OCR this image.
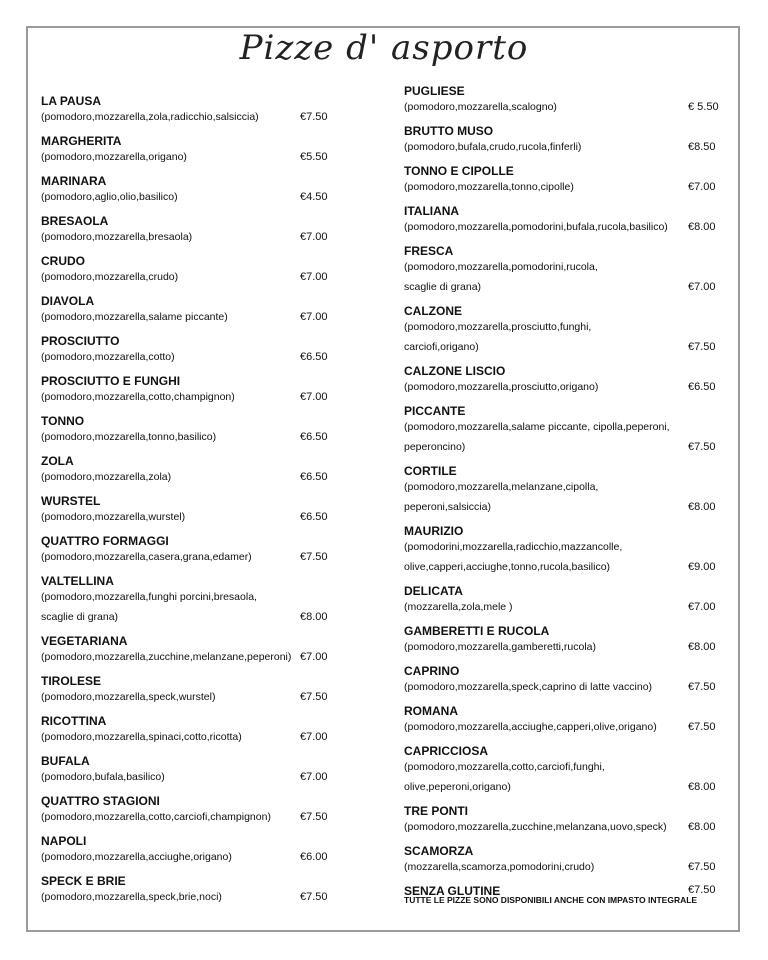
Pizze d' asporto
LA PAUSA
(pomodoro,mozzarella,zola,radicchio,salsiccia)	€7.50
MARGHERITA
(pomodoro,mozzarella,origano)	€5.50
MARINARA
(pomodoro,aglio,olio,basilico)	€4.50
BRESAOLA
(pomodoro,mozzarella,bresaola)	€7.00
CRUDO
(pomodoro,mozzarella,crudo)	€7.00
DIAVOLA
(pomodoro,mozzarella,salame piccante)	€7.00
PROSCIUTTO
(pomodoro,mozzarella,cotto)	€6.50
PROSCIUTTO E FUNGHI
(pomodoro,mozzarella,cotto,champignon)	€7.00
TONNO
(pomodoro,mozzarella,tonno,basilico)	€6.50
ZOLA
(pomodoro,mozzarella,zola)	€6.50
WURSTEL
(pomodoro,mozzarella,wurstel)	€6.50
QUATTRO FORMAGGI
(pomodoro,mozzarella,casera,grana,edamer)	€7.50
VALTELLINA
(pomodoro,mozzarella,funghi porcini,bresaola,
scaglie di grana)	€8.00
VEGETARIANA
(pomodoro,mozzarella,zucchine,melanzane,peperoni) €7.00
TIROLESE
(pomodoro,mozzarella,speck,wurstel)	€7.50
RICOTTINA
(pomodoro,mozzarella,spinaci,cotto,ricotta)	€7.00
BUFALA
(pomodoro,bufala,basilico)	€7.00
QUATTRO STAGIONI
(pomodoro,mozzarella,cotto,carciofi,champignon)	€7.50
NAPOLI
(pomodoro,mozzarella,acciughe,origano)	€6.00
SPECK E BRIE
(pomodoro,mozzarella,speck,brie,noci)	€7.50
PUGLIESE
(pomodoro,mozzarella,scalogno)	€ 5.50
BRUTTO MUSO
(pomodoro,bufala,crudo,rucola,finferli)	€8.50
TONNO E CIPOLLE
(pomodoro,mozzarella,tonno,cipolle)	€7.00
ITALIANA
(pomodoro,mozzarella,pomodorini,bufala,rucola,basilico) €8.00
FRESCA
(pomodoro,mozzarella,pomodorini,rucola,
scaglie di grana)	€7.00
CALZONE
(pomodoro,mozzarella,prosciutto,funghi,
carciofi,origano)	€7.50
CALZONE LISCIO
(pomodoro,mozzarella,prosciutto,origano)	€6.50
PICCANTE
(pomodoro,mozzarella,salame piccante, cipolla,peperoni,
peperoncino)	€7.50
CORTILE
(pomodoro,mozzarella,melanzane,cipolla,
peperoni,salsiccia)	€8.00
MAURIZIO
(pomodorini,mozzarella,radicchio,mazzancolle,
olive,capperi,acciughe,tonno,rucola,basilico)	€9.00
DELICATA
(mozzarella,zola,mele )	€7.00
GAMBERETTI E RUCOLA
(pomodoro,mozzarella,gamberetti,rucola)	€8.00
CAPRINO
(pomodoro,mozzarella,speck,caprino di latte vaccino)	€7.50
ROMANA
(pomodoro,mozzarella,acciughe,capperi,olive,origano)	€7.50
CAPRICCIOSA
(pomodoro,mozzarella,cotto,carciofi,funghi,
olive,peperoni,origano)	€8.00
TRE PONTI
(pomodoro,mozzarella,zucchine,melanzana,uovo,speck) €8.00
SCAMORZA
(mozzarella,scamorza,pomodorini,crudo)	€7.50
SENZA GLUTINE	€7.50
TUTTE LE PIZZE SONO DISPONIBILI ANCHE CON IMPASTO INTEGRALE
